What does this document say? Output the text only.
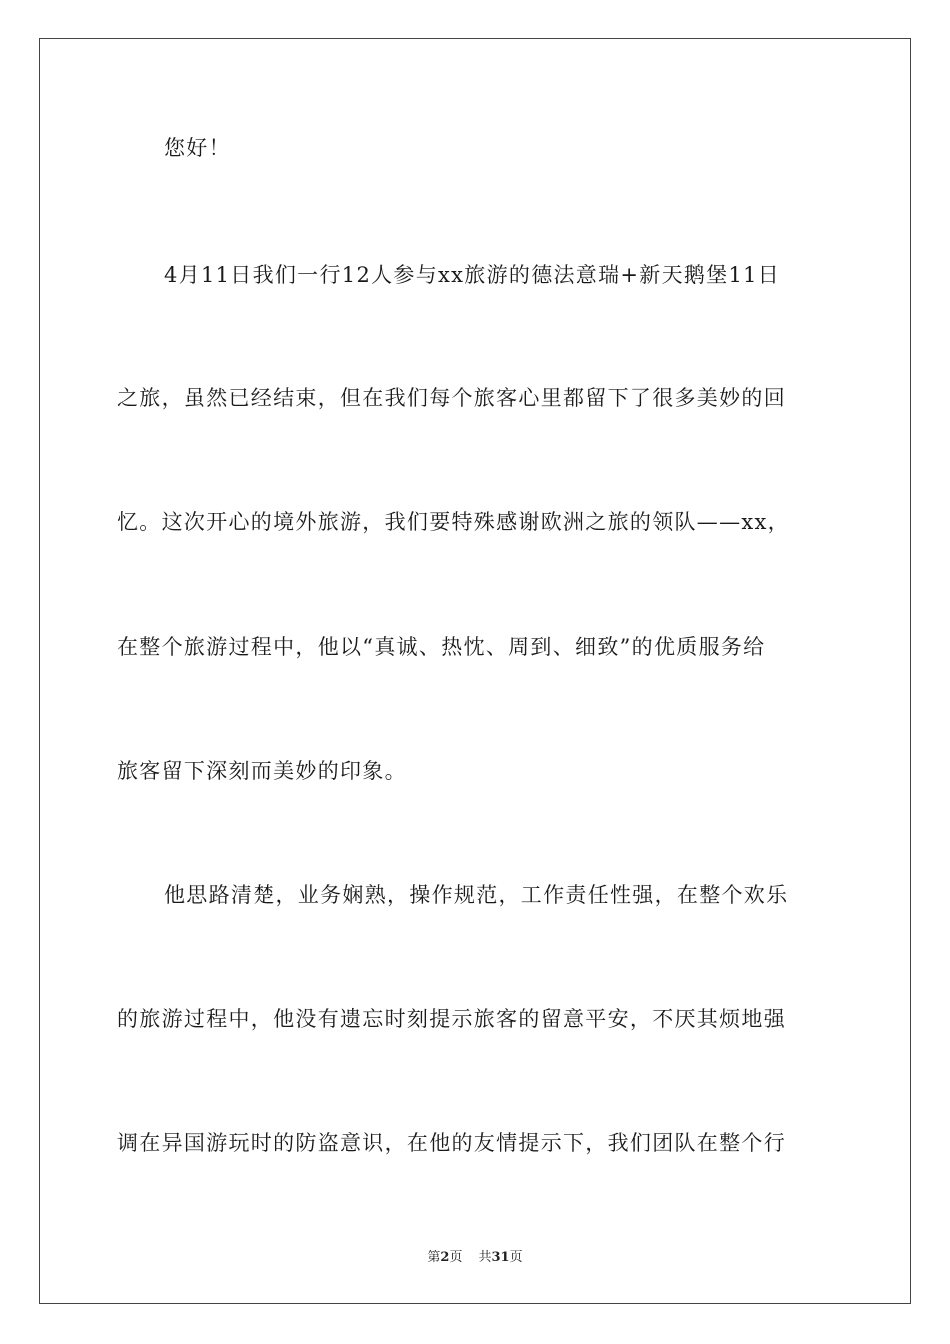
您好！
4月11日我们一行12人参与xx旅游的德法意瑞+新天鹅堡11日
之旅，虽然已经结束，但在我们每个旅客心里都留下了很多美妙的回
忆。这次开心的境外旅游，我们要特殊感谢欧洲之旅的领队——xx，
在整个旅游过程中，他以“真诚、热忱、周到、细致”的优质服务给
旅客留下深刻而美妙的印象。
他思路清楚，业务娴熟，操作规范，工作责任性强，在整个欢乐
的旅游过程中，他没有遗忘时刻提示旅客的留意平安，不厌其烦地强
调在异国游玩时的防盗意识，在他的友情提示下，我们团队在整个行
第2页 共31页
